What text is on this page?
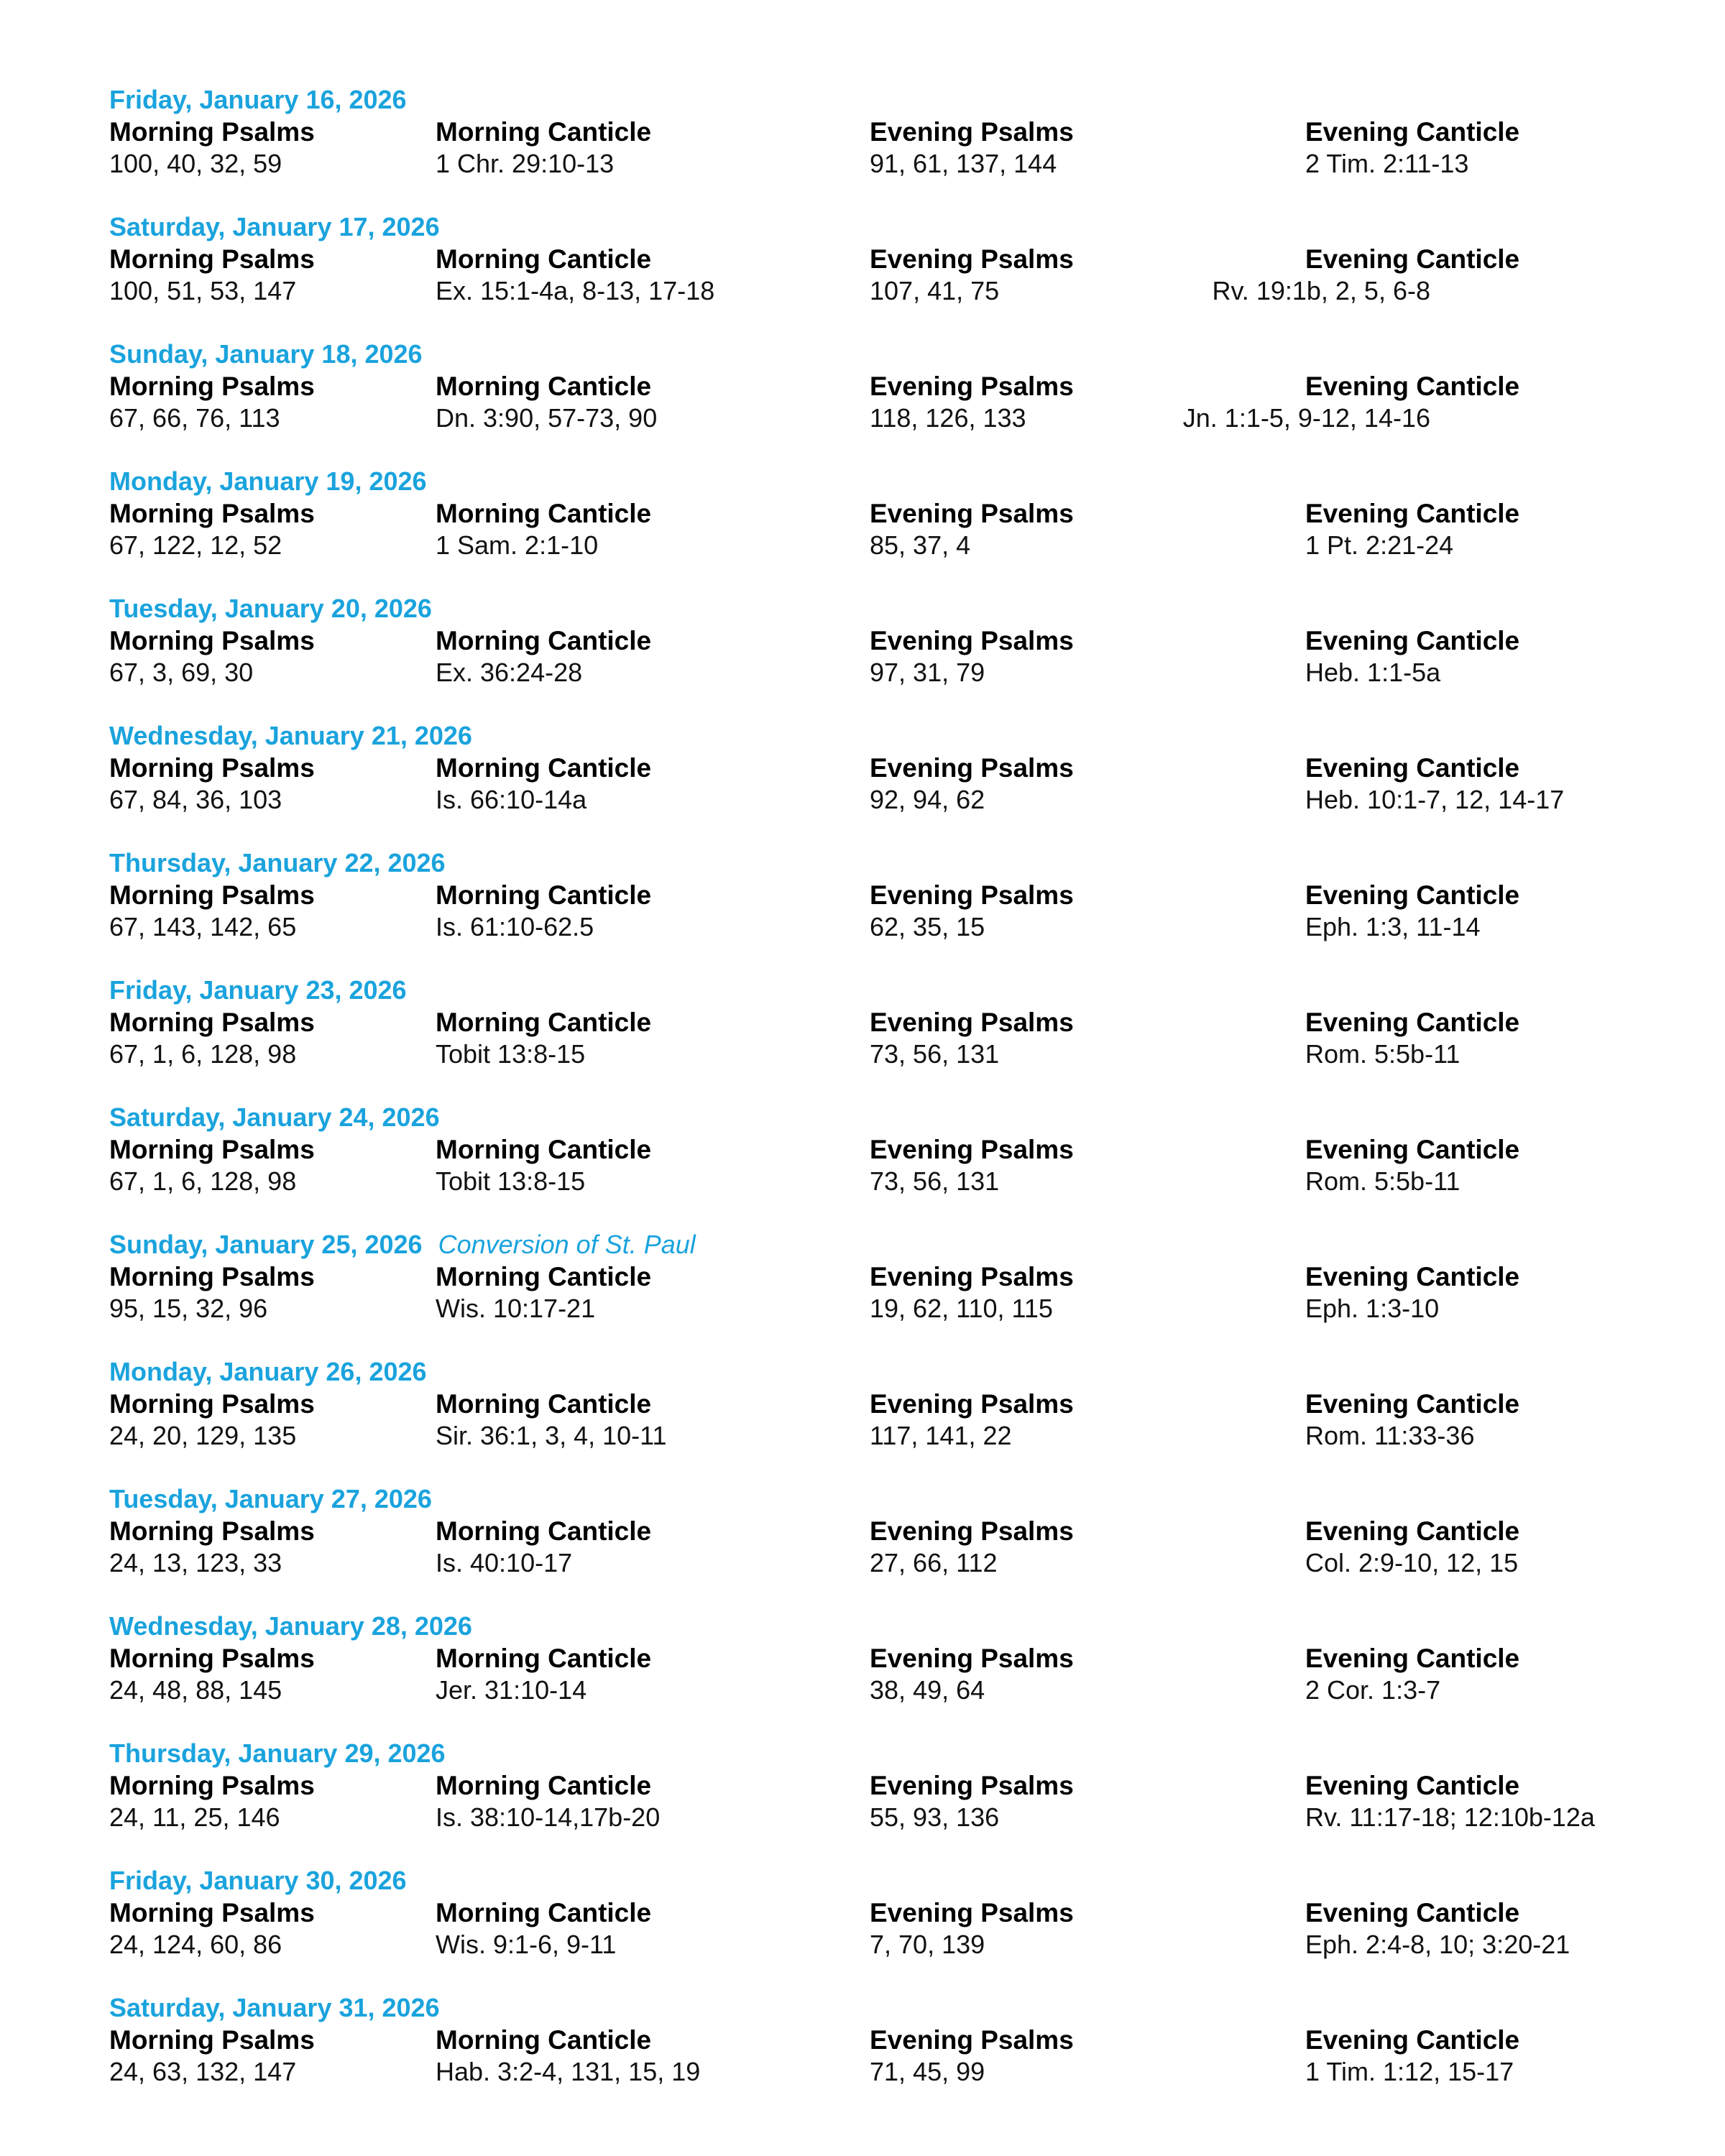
Friday, January 16, 2026
Morning Psalms	Morning Canticle	Evening Psalms	Evening Canticle
100, 40, 32, 59	1 Chr. 29:10-13	91, 61, 137, 144	2 Tim. 2:11-13
Saturday, January 17, 2026
Morning Psalms	Morning Canticle	Evening Psalms	Evening Canticle
100, 51, 53, 147	Ex. 15:1-4a, 8-13, 17-18	107, 41, 75	Rv. 19:1b, 2, 5, 6-8
Sunday, January 18, 2026
Morning Psalms	Morning Canticle	Evening Psalms	Evening Canticle
67, 66, 76, 113	Dn. 3:90, 57-73, 90	118, 126, 133	Jn. 1:1-5, 9-12, 14-16
Monday, January 19, 2026
Morning Psalms	Morning Canticle	Evening Psalms	Evening Canticle
67, 122, 12, 52	1 Sam. 2:1-10	85, 37, 4	1 Pt. 2:21-24
Tuesday, January 20, 2026
Morning Psalms	Morning Canticle	Evening Psalms	Evening Canticle
67, 3, 69, 30	Ex. 36:24-28	97, 31, 79	Heb. 1:1-5a
Wednesday, January 21, 2026
Morning Psalms	Morning Canticle	Evening Psalms	Evening Canticle
67, 84, 36, 103	Is. 66:10-14a	92, 94, 62	Heb. 10:1-7, 12, 14-17
Thursday, January 22, 2026
Morning Psalms	Morning Canticle	Evening Psalms	Evening Canticle
67, 143, 142, 65	Is. 61:10-62.5	62, 35, 15	Eph. 1:3, 11-14
Friday, January 23, 2026
Morning Psalms	Morning Canticle	Evening Psalms	Evening Canticle
67, 1, 6, 128, 98	Tobit 13:8-15	73, 56, 131	Rom. 5:5b-11
Saturday, January 24, 2026
Morning Psalms	Morning Canticle	Evening Psalms	Evening Canticle
67, 1, 6, 128, 98	Tobit 13:8-15	73, 56, 131	Rom. 5:5b-11
Sunday, January 25, 2026 Conversion of St. Paul
Morning Psalms	Morning Canticle	Evening Psalms	Evening Canticle
95, 15, 32, 96	Wis. 10:17-21	19, 62, 110, 115	Eph. 1:3-10
Monday, January 26, 2026
Morning Psalms	Morning Canticle	Evening Psalms	Evening Canticle
24, 20, 129, 135	Sir. 36:1, 3, 4, 10-11	117, 141, 22	Rom. 11:33-36
Tuesday, January 27, 2026
Morning Psalms	Morning Canticle	Evening Psalms	Evening Canticle
24, 13, 123, 33	Is. 40:10-17	27, 66, 112	Col. 2:9-10, 12, 15
Wednesday, January 28, 2026
Morning Psalms	Morning Canticle	Evening Psalms	Evening Canticle
24, 48, 88, 145	Jer. 31:10-14	38, 49, 64	2 Cor. 1:3-7
Thursday, January 29, 2026
Morning Psalms	Morning Canticle	Evening Psalms	Evening Canticle
24, 11, 25, 146	Is. 38:10-14,17b-20	55, 93, 136	Rv. 11:17-18; 12:10b-12a
Friday, January 30, 2026
Morning Psalms	Morning Canticle	Evening Psalms	Evening Canticle
24, 124, 60, 86	Wis. 9:1-6, 9-11	7, 70, 139	Eph. 2:4-8, 10; 3:20-21
Saturday, January 31, 2026
Morning Psalms	Morning Canticle	Evening Psalms	Evening Canticle
24, 63, 132, 147	Hab. 3:2-4, 131, 15, 19	71, 45, 99	1 Tim. 1:12, 15-17
